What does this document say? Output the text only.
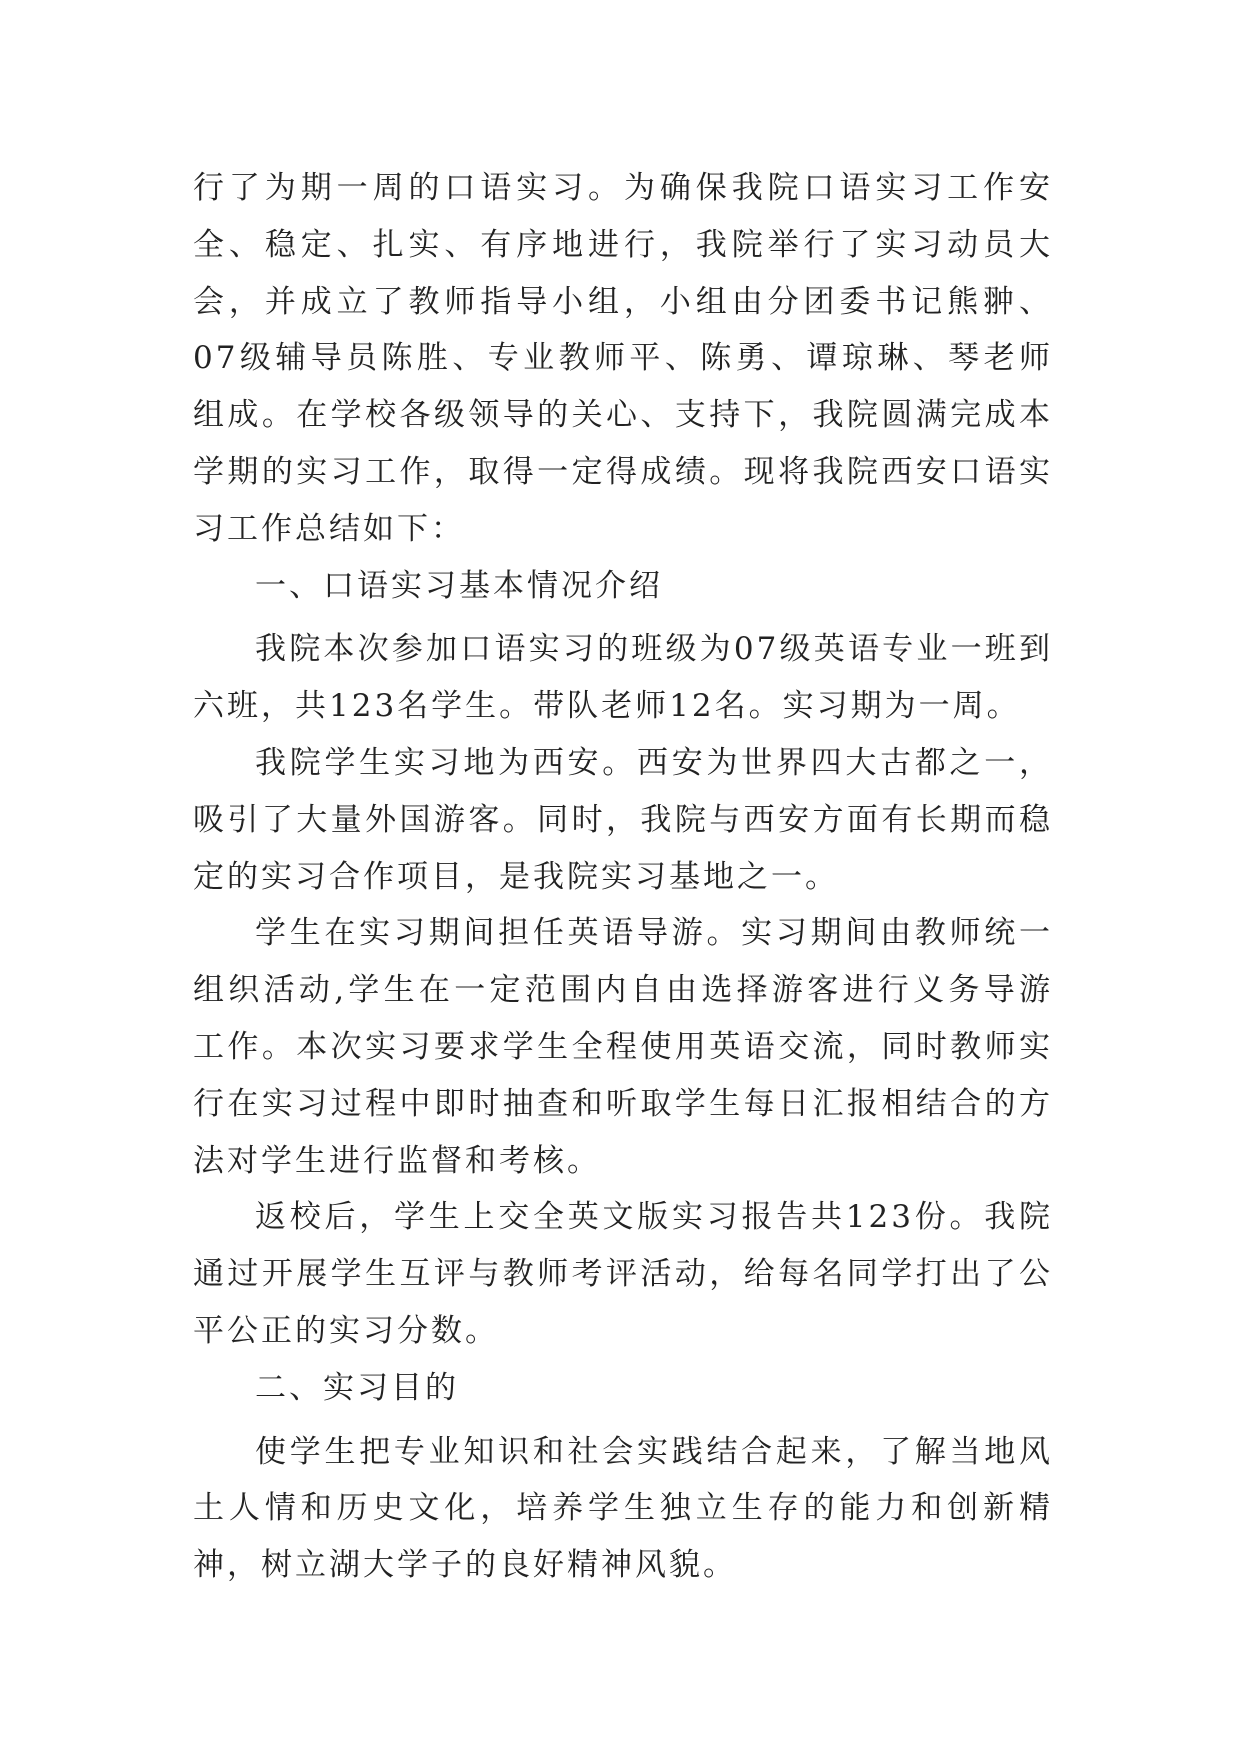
行了为期一周的口语实习。为确保我院口语实习工作安全、稳定、扎实、有序地进行，我院举行了实习动员大会，并成立了教师指导小组，小组由分团委书记熊翀、07级辅导员陈胜、专业教师平、陈勇、谭琼琳、琴老师组成。在学校各级领导的关心、支持下，我院圆满完成本学期的实习工作，取得一定得成绩。现将我院西安口语实习工作总结如下：

一、口语实习基本情况介绍

我院本次参加口语实习的班级为07级英语专业一班到六班，共123名学生。带队老师12名。实习期为一周。

我院学生实习地为西安。西安为世界四大古都之一，吸引了大量外国游客。同时，我院与西安方面有长期而稳定的实习合作项目，是我院实习基地之一。

学生在实习期间担任英语导游。实习期间由教师统一组织活动,学生在一定范围内自由选择游客进行义务导游工作。本次实习要求学生全程使用英语交流，同时教师实行在实习过程中即时抽查和听取学生每日汇报相结合的方法对学生进行监督和考核。

返校后，学生上交全英文版实习报告共123份。我院通过开展学生互评与教师考评活动，给每名同学打出了公平公正的实习分数。

二、实习目的

使学生把专业知识和社会实践结合起来，了解当地风土人情和历史文化，培养学生独立生存的能力和创新精神，树立湖大学子的良好精神风貌。
